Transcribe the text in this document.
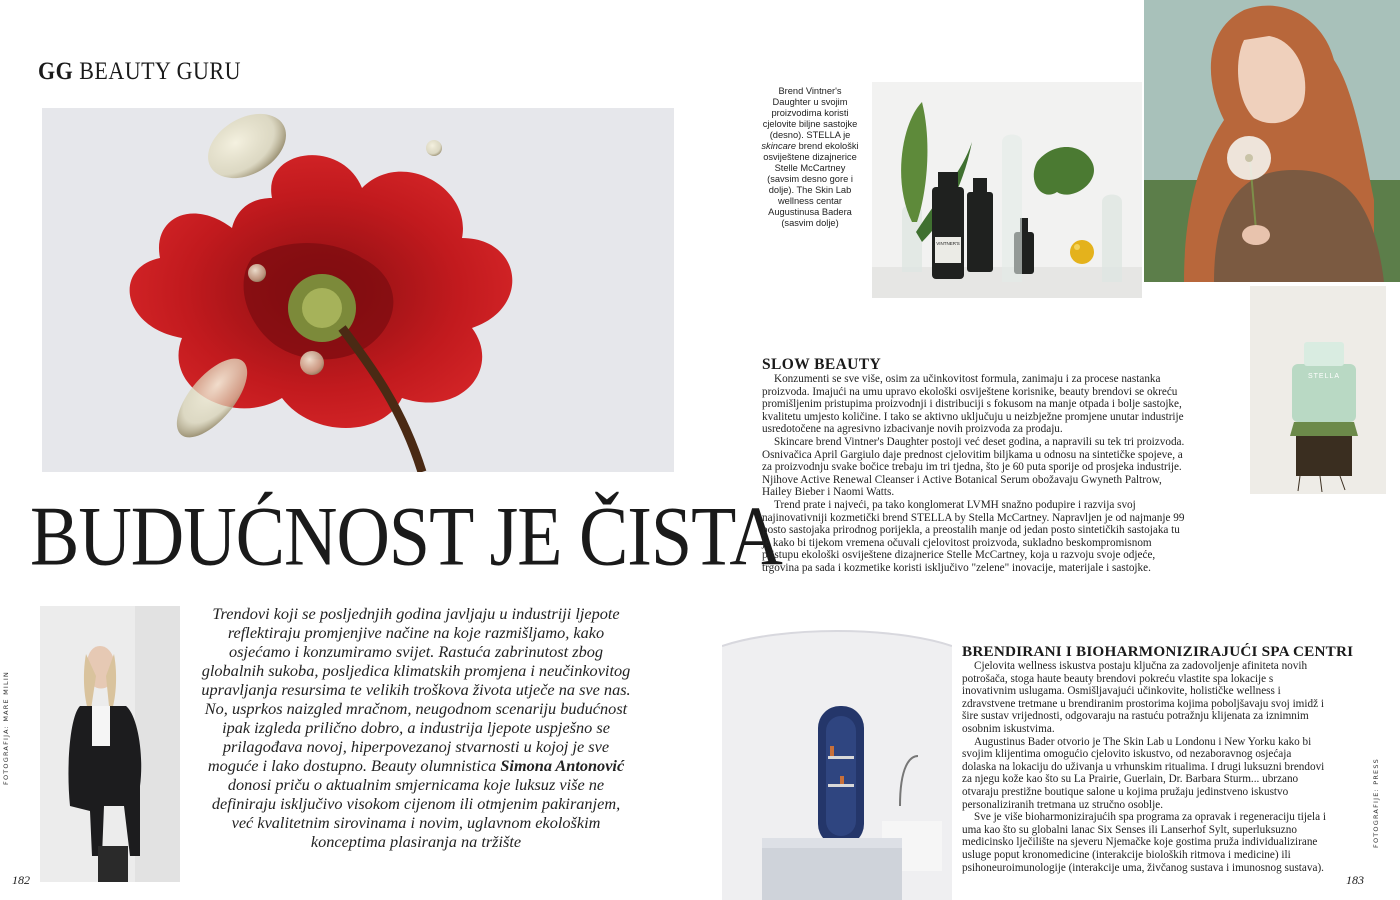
GG BEAUTY GURU
BUDUĆNOST JE ČISTA
FOTOGRAFIJA: MARE MILIN
Trendovi koji se posljednjih godina javljaju u industriji ljepote reflektiraju promjenjive načine na koje razmišljamo, kako osjećamo i konzumiramo svijet. Rastuća zabrinutost zbog globalnih sukoba, posljedica klimatskih promjena i neučinkovitog upravljanja resursima te velikih troškova života utječe na sve nas. No, usprkos naizgled mračnom, neugodnom scenariju budućnost ipak izgleda prilično dobro, a industrija ljepote uspješno se prilagođava novoj, hiperpovezanoj stvarnosti u kojoj je sve moguće i lako dostupno. Beauty olumnistica Simona Antonović donosi priču o aktualnim smjernicama koje luksuz više ne definiraju isključivo visokom cijenom ili otmjenim pakiranjem, već kvalitetnim sirovinama i novim, uglavnom ekološkim konceptima plasiranja na tržište
182
Brend Vintner's Daughter u svojim proizvodima koristi cjelovite biljne sastojke (desno). STELLA je skincare brend ekološki osviještene dizajnerice Stelle McCartney (savsim desno gore i dolje). The Skin Lab wellness centar Augustinusa Badera (sasvim dolje)
VINTNER'S
STELLA
SLOW BEAUTY

Konzumenti se sve više, osim za učinkovitost formula, zanimaju i za procese nastanka proizvoda. Imajući na umu upravo ekološki osviještene korisnike, beauty brendovi se okreću promišljenim pristupima proizvodnji i distribuciji s fokusom na manje otpada i bolje sastojke, kvalitetu umjesto količine. I tako se aktivno uključuju u neizbježne promjene unutar industrije usredotočene na agresivno izbacivanje novih proizvoda za prodaju.

Skincare brend Vintner's Daughter postoji već deset godina, a napravili su tek tri proizvoda. Osnivačica April Gargiulo daje prednost cjelovitim biljkama u odnosu na sintetičke spojeve, a za proizvodnju svake bočice trebaju im tri tjedna, što je 60 puta sporije od prosjeka industrije. Njihove Active Renewal Cleanser i Active Botanical Serum obožavaju Gwyneth Paltrow, Hailey Bieber i Naomi Watts.

Trend prate i najveći, pa tako konglomerat LVMH snažno podupire i razvija svoj najinovativniji kozmetički brend STELLA by Stella McCartney. Napravljen je od najmanje 99 posto sastojaka prirodnog porijekla, a preostalih manje od jedan posto sintetičkih sastojaka tu je kako bi tijekom vremena očuvali cjelovitost proizvoda, sukladno beskompromisnom pristupu ekološki osviještene dizajnerice Stelle McCartney, koja u razvoju svoje odjeće, trgovina pa sada i kozmetike koristi isključivo "zelene" inovacije, materijale i sastojke.

BRENDIRANI I BIOHARMONIZIRAJUĆI SPA CENTRI

Cjelovita wellness iskustva postaju ključna za zadovoljenje afiniteta novih potrošača, stoga haute beauty brendovi pokreću vlastite spa lokacije s inovativnim uslugama. Osmišljavajući učinkovite, holističke wellness i zdravstvene tretmane u brendiranim prostorima kojima poboljšavaju svoj imidž i šire sustav vrijednosti, odgovaraju na rastuću potražnju klijenata za iznimnim osobnim iskustvima.

Augustinus Bader otvorio je The Skin Lab u Londonu i New Yorku kako bi svojim klijentima omogućio cjelovito iskustvo, od nezaboravnog osjećaja dolaska na lokaciju do uživanja u vrhunskim ritualima. I drugi luksuzni brendovi za njegu kože kao što su La Prairie, Guerlain, Dr. Barbara Sturm... ubrzano otvaraju prestižne boutique salone u kojima pružaju jedinstveno iskustvo personaliziranih tretmana uz stručno osoblje.

Sve je više bioharmonizirajućih spa programa za opravak i regeneraciju tijela i uma kao što su globalni lanac Six Senses ili Lanserhof Sylt, superluksuzno medicinsko lječilište na sjeveru Njemačke koje gostima pruža individualizirane usluge poput kronomedicine (interakcije bioloških ritmova i medicine) ili psihoneuroimunologije (interakcije uma, živčanog sustava i imunosnog sustava).

FOTOGRAFIJE: PRESS
183
